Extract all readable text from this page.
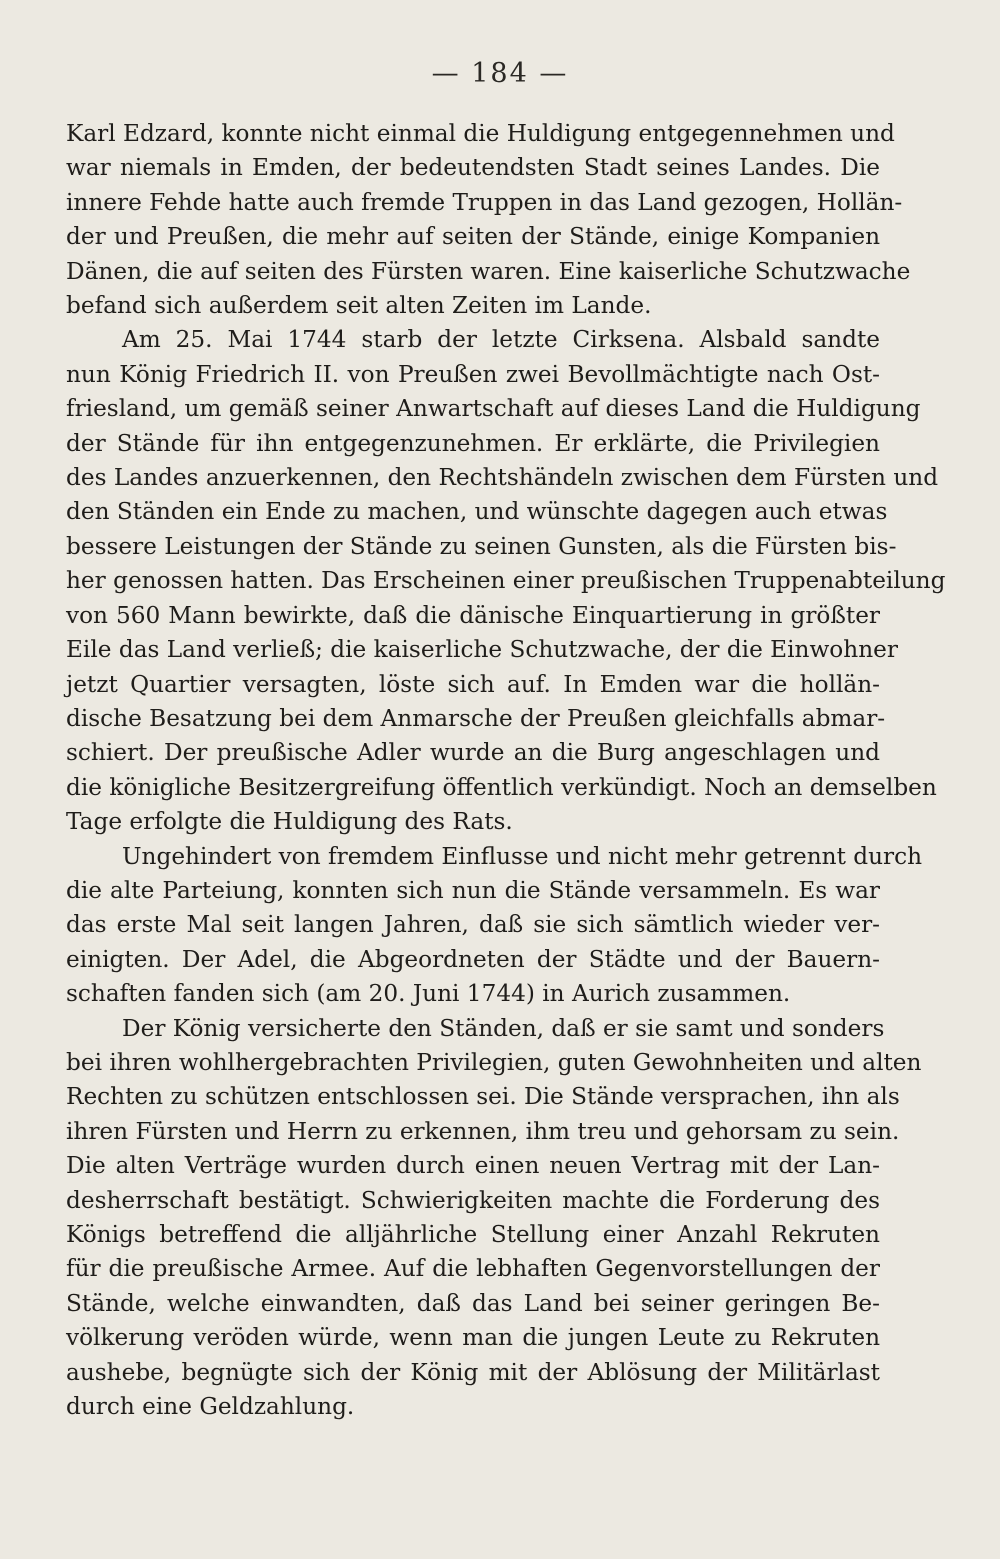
— 184 —
Karl Edzard, konnte nicht einmal die Huldigung entgegennehmen und
war niemals in Emden, der bedeutendsten Stadt seines Landes. Die
innere Fehde hatte auch fremde Truppen in das Land gezogen, Hollän-
der und Preußen, die mehr auf seiten der Stände, einige Kompanien
Dänen, die auf seiten des Fürsten waren. Eine kaiserliche Schutzwache
befand sich außerdem seit alten Zeiten im Lande.
Am 25. Mai 1744 starb der letzte Cirksena. Alsbald sandte
nun König Friedrich II. von Preußen zwei Bevollmächtigte nach Ost-
friesland, um gemäß seiner Anwartschaft auf dieses Land die Huldigung
der Stände für ihn entgegenzunehmen. Er erklärte, die Privilegien
des Landes anzuerkennen, den Rechtshändeln zwischen dem Fürsten und
den Ständen ein Ende zu machen, und wünschte dagegen auch etwas
bessere Leistungen der Stände zu seinen Gunsten, als die Fürsten bis-
her genossen hatten. Das Erscheinen einer preußischen Truppenabteilung
von 560 Mann bewirkte, daß die dänische Einquartierung in größter
Eile das Land verließ; die kaiserliche Schutzwache, der die Einwohner
jetzt Quartier versagten, löste sich auf. In Emden war die hollän-
dische Besatzung bei dem Anmarsche der Preußen gleichfalls abmar-
schiert. Der preußische Adler wurde an die Burg angeschlagen und
die königliche Besitzergreifung öffentlich verkündigt. Noch an demselben
Tage erfolgte die Huldigung des Rats.
Ungehindert von fremdem Einflusse und nicht mehr getrennt durch
die alte Parteiung, konnten sich nun die Stände versammeln. Es war
das erste Mal seit langen Jahren, daß sie sich sämtlich wieder ver-
einigten. Der Adel, die Abgeordneten der Städte und der Bauern-
schaften fanden sich (am 20. Juni 1744) in Aurich zusammen.
Der König versicherte den Ständen, daß er sie samt und sonders
bei ihren wohlhergebrachten Privilegien, guten Gewohnheiten und alten
Rechten zu schützen entschlossen sei. Die Stände versprachen, ihn als
ihren Fürsten und Herrn zu erkennen, ihm treu und gehorsam zu sein.
Die alten Verträge wurden durch einen neuen Vertrag mit der Lan-
desherrschaft bestätigt. Schwierigkeiten machte die Forderung des
Königs betreffend die alljährliche Stellung einer Anzahl Rekruten
für die preußische Armee. Auf die lebhaften Gegenvorstellungen der
Stände, welche einwandten, daß das Land bei seiner geringen Be-
völkerung veröden würde, wenn man die jungen Leute zu Rekruten
aushebe, begnügte sich der König mit der Ablösung der Militärlast
durch eine Geldzahlung.
